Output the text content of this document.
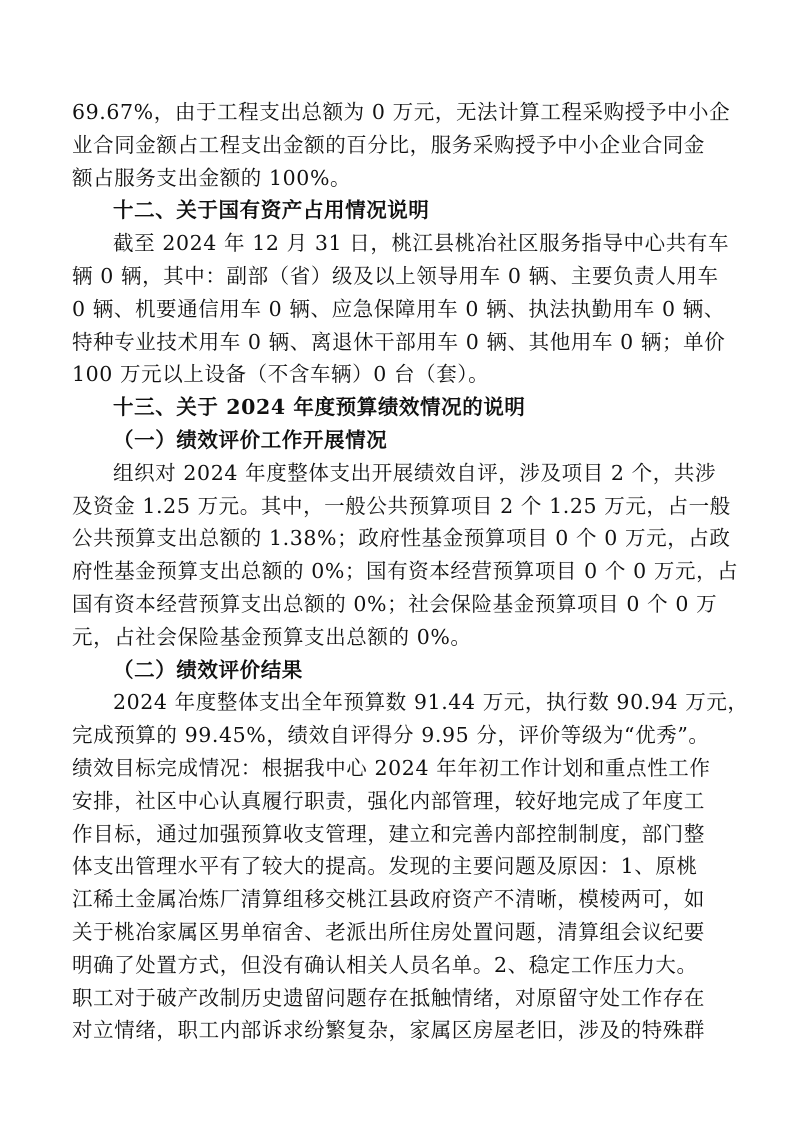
69.67%，由于工程支出总额为 0 万元，无法计算工程采购授予中小企
业合同金额占工程支出金额的百分比，服务采购授予中小企业合同金
额占服务支出金额的 100%。
十二、关于国有资产占用情况说明
截至 2024 年 12 月 31 日，桃江县桃冶社区服务指导中心共有车
辆 0 辆，其中：副部（省）级及以上领导用车 0 辆、主要负责人用车
0 辆、机要通信用车 0 辆、应急保障用车 0 辆、执法执勤用车 0 辆、
特种专业技术用车 0 辆、离退休干部用车 0 辆、其他用车 0 辆；单价
100 万元以上设备（不含车辆）0 台（套）。
十三、关于 2024 年度预算绩效情况的说明
（一）绩效评价工作开展情况
组织对 2024 年度整体支出开展绩效自评，涉及项目 2 个，共涉
及资金 1.25 万元。其中，一般公共预算项目 2 个 1.25 万元，占一般
公共预算支出总额的 1.38%；政府性基金预算项目 0 个 0 万元，占政
府性基金预算支出总额的 0%；国有资本经营预算项目 0 个 0 万元，占
国有资本经营预算支出总额的 0%；社会保险基金预算项目 0 个 0 万
元，占社会保险基金预算支出总额的 0%。
（二）绩效评价结果
2024 年度整体支出全年预算数 91.44 万元，执行数 90.94 万元，
完成预算的 99.45%，绩效自评得分 9.95 分，评价等级为“优秀”。
绩效目标完成情况：根据我中心 2024 年年初工作计划和重点性工作
安排，社区中心认真履行职责，强化内部管理，较好地完成了年度工
作目标，通过加强预算收支管理，建立和完善内部控制制度，部门整
体支出管理水平有了较大的提高。发现的主要问题及原因：1、原桃
江稀土金属冶炼厂清算组移交桃江县政府资产不清晰，模棱两可，如
关于桃冶家属区男单宿舍、老派出所住房处置问题，清算组会议纪要
明确了处置方式，但没有确认相关人员名单。2、稳定工作压力大。
职工对于破产改制历史遗留问题存在抵触情绪，对原留守处工作存在
对立情绪，职工内部诉求纷繁复杂，家属区房屋老旧，涉及的特殊群
